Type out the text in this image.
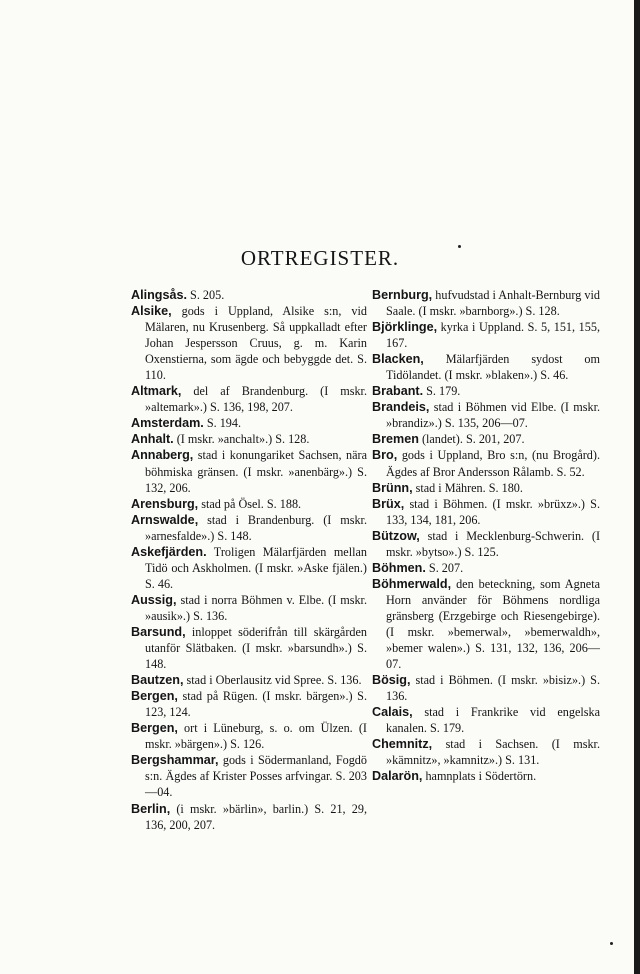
ORTREGISTER.

Alingsås. S. 205.

Alsike, gods i Uppland, Alsike s:n, vid Mälaren, nu Krusenberg. Så uppkalladt efter Johan Jespersson Cruus, g. m. Karin Oxenstierna, som ägde och bebyggde det. S. 110.

Altmark, del af Brandenburg. (I mskr. »altemark».) S. 136, 198, 207.

Amsterdam. S. 194.

Anhalt. (I mskr. »anchalt».) S. 128.

Annaberg, stad i konungariket Sachsen, nära böhmiska gränsen. (I mskr. »anenbärg».) S. 132, 206.

Arensburg, stad på Ösel. S. 188.

Arnswalde, stad i Brandenburg. (I mskr. »arnesfalde».) S. 148.

Askefjärden. Troligen Mälarfjärden mellan Tidö och Askholmen. (I mskr. »Aske fjälen.) S. 46.

Aussig, stad i norra Böhmen v. Elbe. (I mskr. »ausik».) S. 136.

Barsund, inloppet söderifrån till skärgården utanför Slätbaken. (I mskr. »barsundh».) S. 148.

Bautzen, stad i Oberlausitz vid Spree. S. 136.

Bergen, stad på Rügen. (I mskr. bärgen».) S. 123, 124.

Bergen, ort i Lüneburg, s. o. om Ülzen. (I mskr. »bärgen».) S. 126.

Bergshammar, gods i Södermanland, Fogdö s:n. Ägdes af Krister Posses arfvingar. S. 203—04.

Berlin, (i mskr. »bärlin», barlin.) S. 21, 29, 136, 200, 207.

Bernburg, hufvudstad i Anhalt-Bernburg vid Saale. (I mskr. »barnborg».) S. 128.

Björklinge, kyrka i Uppland. S. 5, 151, 155, 167.

Blacken, Mälarfjärden sydost om Tidölandet. (I mskr. »blaken».) S. 46.

Brabant. S. 179.

Brandeis, stad i Böhmen vid Elbe. (I mskr. »brandiz».) S. 135, 206—07.

Bremen (landet). S. 201, 207.

Bro, gods i Uppland, Bro s:n, (nu Brogård). Ägdes af Bror Andersson Rålamb. S. 52.

Brünn, stad i Mähren. S. 180.

Brüx, stad i Böhmen. (I mskr. »brüxz».) S. 133, 134, 181, 206.

Bützow, stad i Mecklenburg-Schwerin. (I mskr. »bytso».) S. 125.

Böhmen. S. 207.

Böhmerwald, den beteckning, som Agneta Horn använder för Böhmens nordliga gränsberg (Erzgebirge och Riesengebirge). (I mskr. »bemerwal», »bemerwaldh», »bemer walen».) S. 131, 132, 136, 206—07.

Bösig, stad i Böhmen. (I mskr. »bisiz».) S. 136.

Calais, stad i Frankrike vid engelska kanalen. S. 179.

Chemnitz, stad i Sachsen. (I mskr. »kämnitz», »kamnitz».) S. 131.

Dalarön, hamnplats i Södertörn.
